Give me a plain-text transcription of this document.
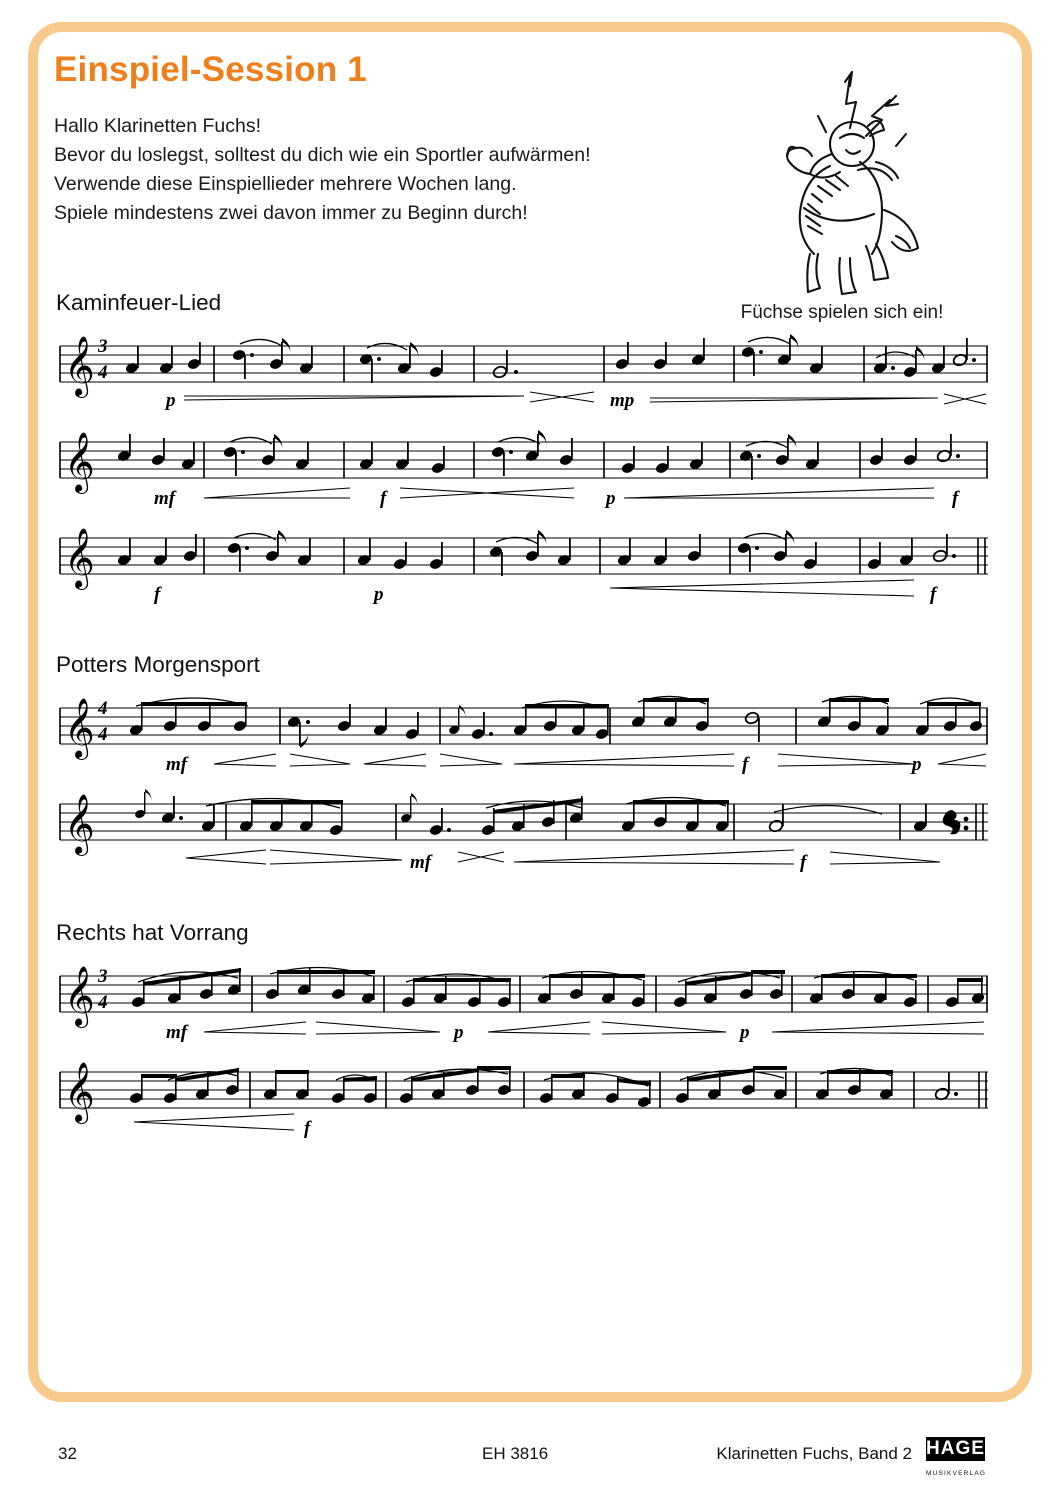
Einspiel-Session 1
Hallo Klarinetten Fuchs!
Bevor du loslegst, solltest du dich wie ein Sportler aufwärmen!
Verwende diese Einspiellieder mehrere Wochen lang.
Spiele mindestens zwei davon immer zu Beginn durch!
Füchse spielen sich ein!
Kaminfeuer-Lied
𝄞 3
4
p	mp
𝄞
mf	f	p	f
𝄞
f	p	f
Potters Morgensport
𝄞 4
4
mf	f	p
𝄞
mf	f
Rechts hat Vorrang
𝄞 3
4
mf	p	p
𝄞
f
32	EH 3816	Klarinetten Fuchs, Band 2 HAGE MUSIKVERLAG
